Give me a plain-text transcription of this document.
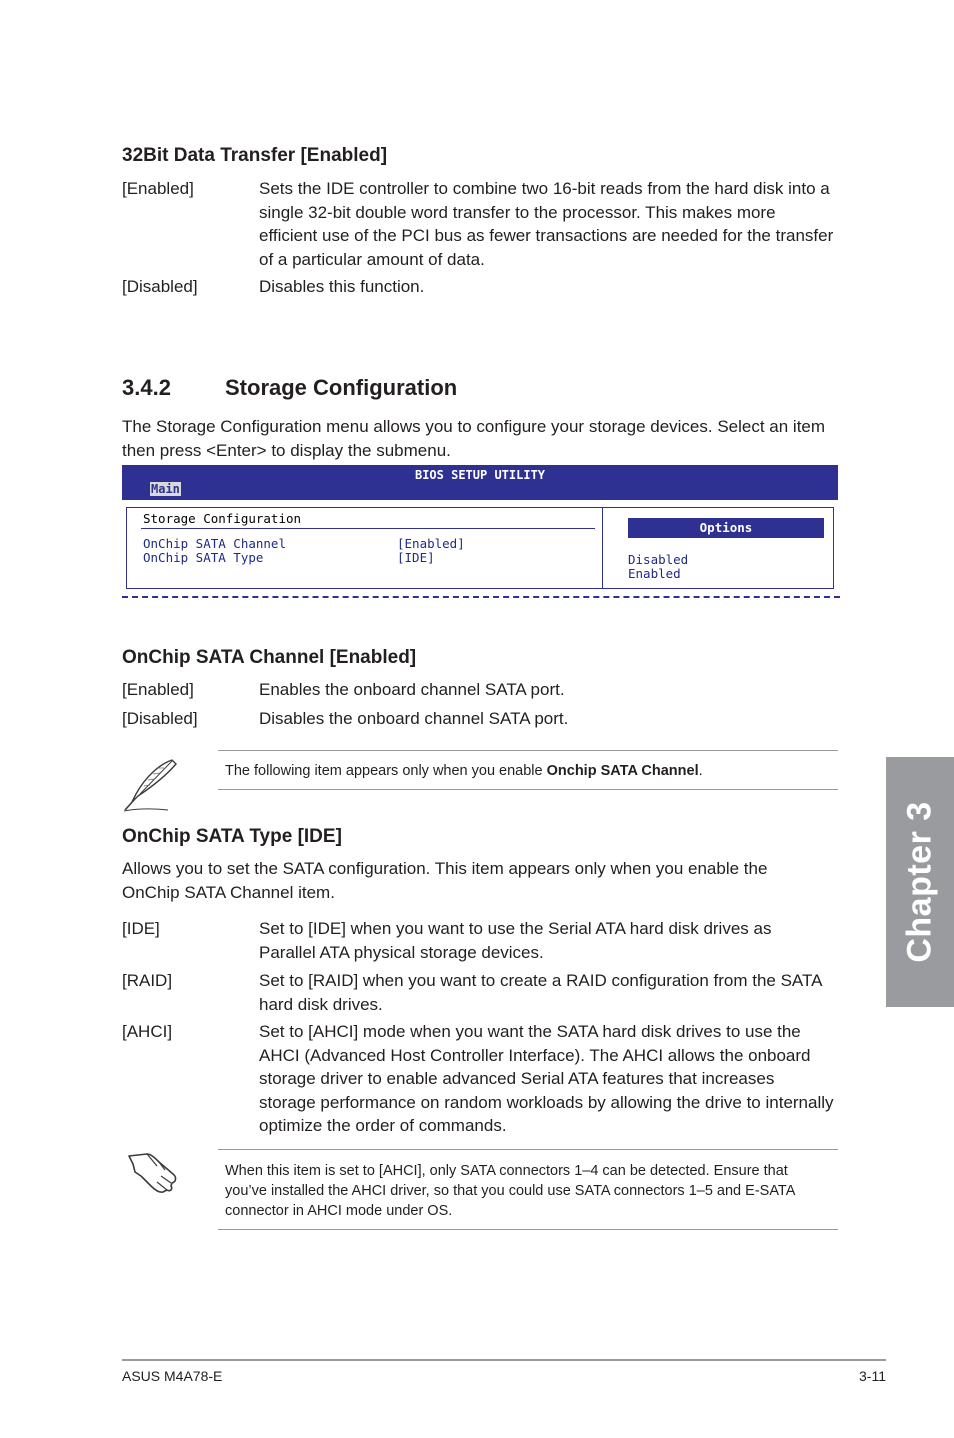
32Bit Data Transfer [Enabled]
[Enabled]	Sets the IDE controller to combine two 16-bit reads from the hard disk into a single 32-bit double word transfer to the processor. This makes more efficient use of the PCI bus as fewer transactions are needed for the transfer of a particular amount of data.
[Disabled]	Disables this function.
3.4.2 Storage Configuration
The Storage Configuration menu allows you to configure your storage devices. Select an item then press <Enter> to display the submenu.
BIOS SETUP UTILITY
Main
Storage Configuration
OnChip SATA Channel	[Enabled]
OnChip SATA Type	[IDE]
Options
Disabled
Enabled
OnChip SATA Channel [Enabled]
[Enabled]	Enables the onboard channel SATA port.
[Disabled]	Disables the onboard channel SATA port.
The following item appears only when you enable Onchip SATA Channel.
OnChip SATA Type [IDE]
Allows you to set the SATA configuration. This item appears only when you enable the OnChip SATA Channel item.
[IDE]	Set to [IDE] when you want to use the Serial ATA hard disk drives as Parallel ATA physical storage devices.
[RAID]	Set to [RAID] when you want to create a RAID configuration from the SATA hard disk drives.
[AHCI]	Set to [AHCI] mode when you want the SATA hard disk drives to use the AHCI (Advanced Host Controller Interface). The AHCI allows the onboard storage driver to enable advanced Serial ATA features that increases storage performance on random workloads by allowing the drive to internally optimize the order of commands.
When this item is set to [AHCI], only SATA connectors 1–4 can be detected. Ensure that you’ve installed the AHCI driver, so that you could use SATA connectors 1–5 and E-SATA connector in AHCI mode under OS.
Chapter 3
ASUS M4A78-E	3-11
